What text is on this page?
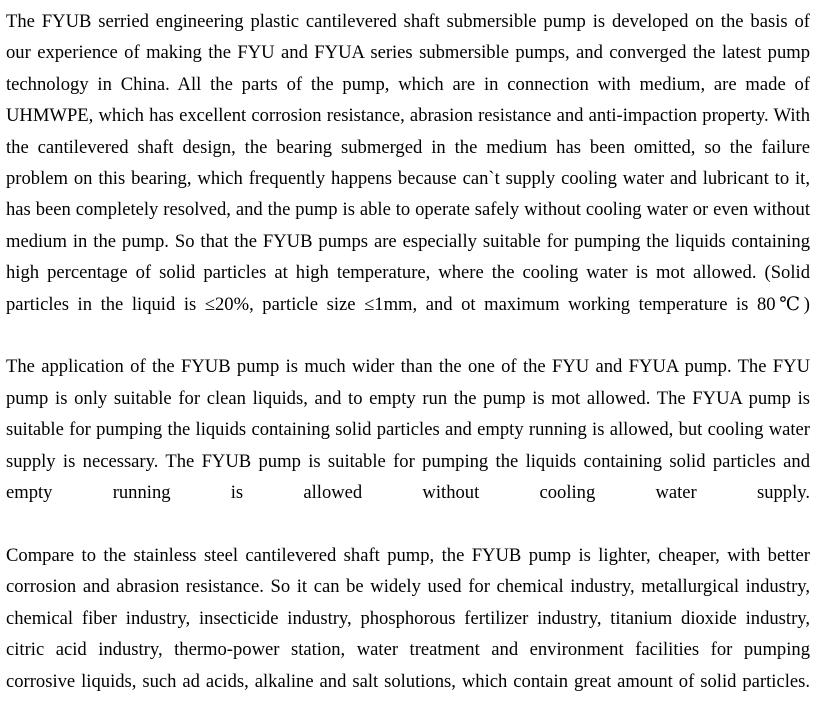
The FYUB serried engineering plastic cantilevered shaft submersible pump is developed on the basis of our experience of making the FYU and FYUA series submersible pumps, and converged the latest pump technology in China. All the parts of the pump, which are in connection with medium, are made of UHMWPE, which has excellent corrosion resistance, abrasion resistance and anti-impaction property. With the cantilevered shaft design, the bearing submerged in the medium has been omitted, so the failure problem on this bearing, which frequently happens because can`t supply cooling water and lubricant to it, has been completely resolved, and the pump is able to operate safely without cooling water or even without medium in the pump. So that the FYUB pumps are especially suitable for pumping the liquids containing high percentage of solid particles at high temperature, where the cooling water is mot allowed. (Solid particles in the liquid is ≤20%, particle size ≤1mm, and ot maximum working temperature is 80℃)

The application of the FYUB pump is much wider than the one of the FYU and FYUA pump. The FYU pump is only suitable for clean liquids, and to empty run the pump is mot allowed. The FYUA pump is suitable for pumping the liquids containing solid particles and empty running is allowed, but cooling water supply is necessary. The FYUB pump is suitable for pumping the liquids containing solid particles and empty running is allowed without cooling water supply.

Compare to the stainless steel cantilevered shaft pump, the FYUB pump is lighter, cheaper, with better corrosion and abrasion resistance. So it can be widely used for chemical industry, metallurgical industry, chemical fiber industry, insecticide industry, phosphorous fertilizer industry, titanium dioxide industry, citric acid industry, thermo-power station, water treatment and environment facilities for pumping corrosive liquids, such ad acids, alkaline and salt solutions, which contain great amount of solid particles.
